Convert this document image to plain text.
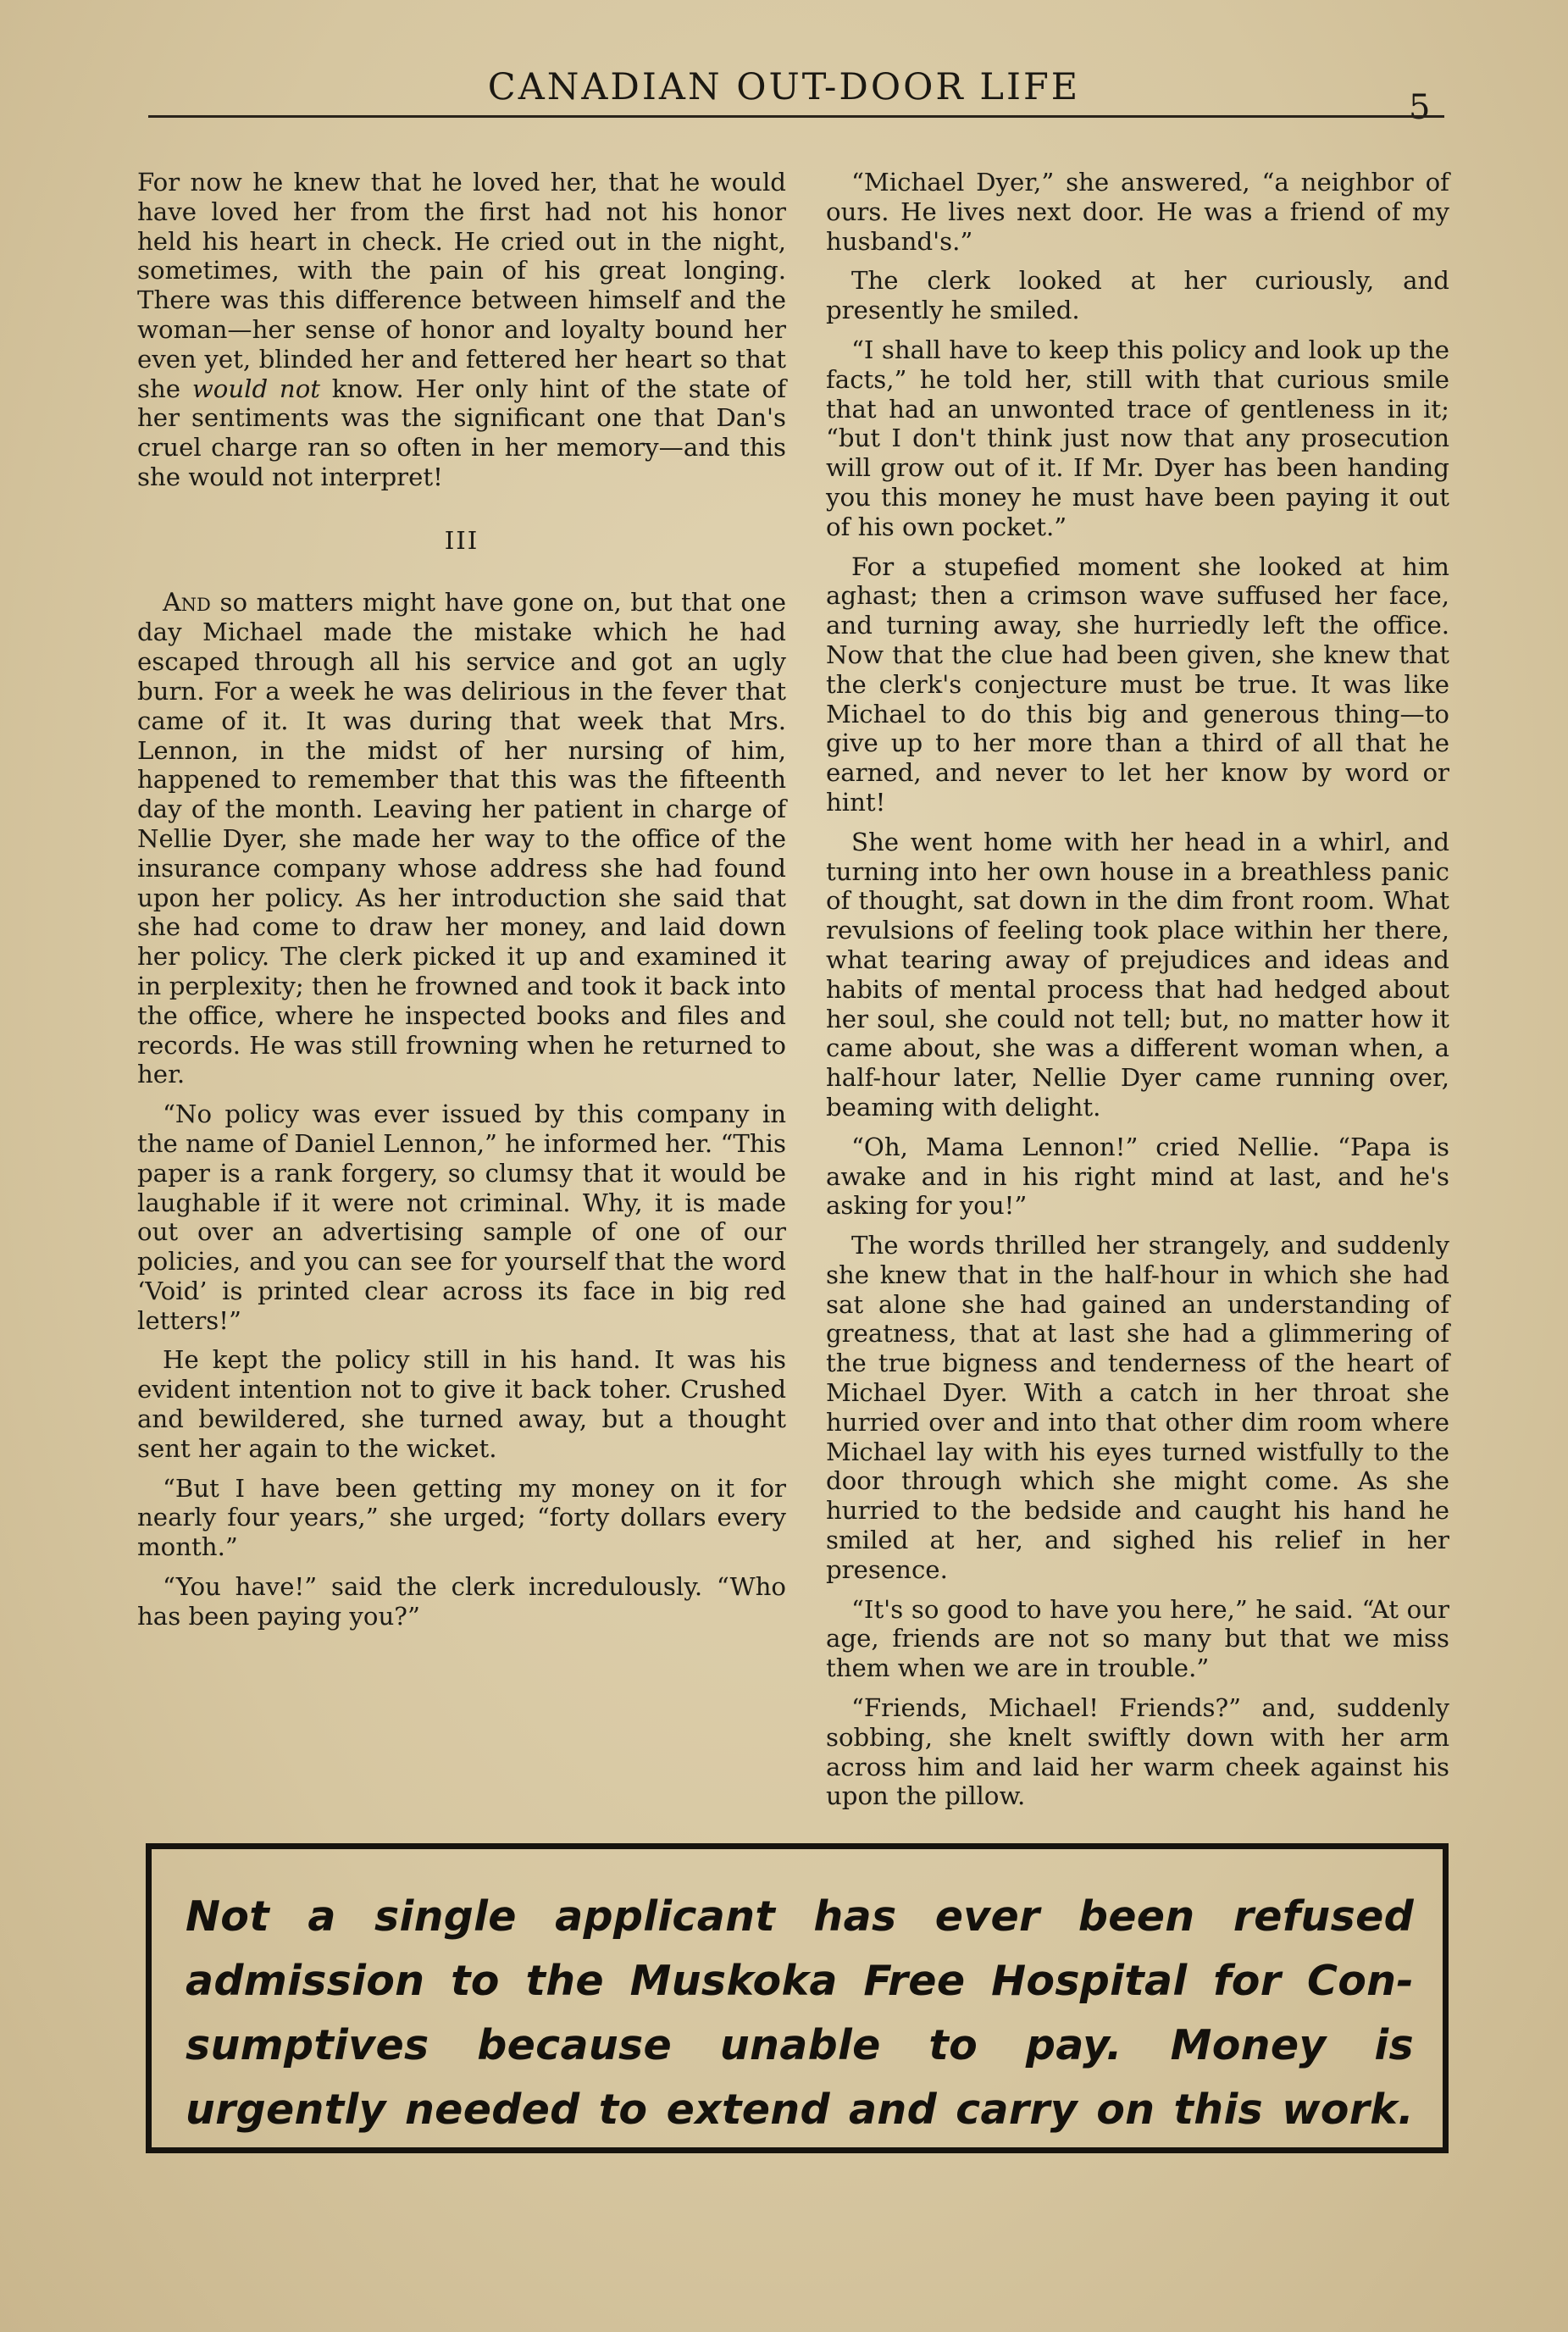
CANADIAN OUT-DOOR LIFE	5

For now he knew that he loved her, that he would have loved her from the first had not his honor held his heart in check. He cried out in the night, sometimes, with the pain of his great longing. There was this difference between himself and the woman—her sense of honor and loyalty bound her even yet, blinded her and fettered her heart so that she would not know. Her only hint of the state of her sentiments was the significant one that Dan's cruel charge ran so often in her memory—and this she would not interpret!

III

And so matters might have gone on, but that one day Michael made the mistake which he had escaped through all his service and got an ugly burn. For a week he was delirious in the fever that came of it. It was during that week that Mrs. Lennon, in the midst of her nursing of him, happened to remember that this was the fifteenth day of the month. Leaving her patient in charge of Nellie Dyer, she made her way to the office of the insurance company whose address she had found upon her policy. As her introduction she said that she had come to draw her money, and laid down her policy. The clerk picked it up and examined it in perplexity; then he frowned and took it back into the office, where he inspected books and files and records. He was still frowning when he returned to her.

“No policy was ever issued by this company in the name of Daniel Lennon,” he informed her. “This paper is a rank forgery, so clumsy that it would be laughable if it were not criminal. Why, it is made out over an advertising sample of one of our policies, and you can see for yourself that the word ‘Void’ is printed clear across its face in big red letters!”

He kept the policy still in his hand. It was his evident intention not to give it back toher. Crushed and bewildered, she turned away, but a thought sent her again to the wicket.

“But I have been getting my money on it for nearly four years,” she urged; “forty dollars every month.”

“You have!” said the clerk incredulously. “Who has been paying you?”

“Michael Dyer,” she answered, “a neighbor of ours. He lives next door. He was a friend of my husband's.”

The clerk looked at her curiously, and presently he smiled.

“I shall have to keep this policy and look up the facts,” he told her, still with that curious smile that had an unwonted trace of gentleness in it; “but I don't think just now that any prosecution will grow out of it. If Mr. Dyer has been handing you this money he must have been paying it out of his own pocket.”

For a stupefied moment she looked at him aghast; then a crimson wave suffused her face, and turning away, she hurriedly left the office. Now that the clue had been given, she knew that the clerk's conjecture must be true. It was like Michael to do this big and generous thing—to give up to her more than a third of all that he earned, and never to let her know by word or hint!

She went home with her head in a whirl, and turning into her own house in a breathless panic of thought, sat down in the dim front room. What revulsions of feeling took place within her there, what tearing away of prejudices and ideas and habits of mental process that had hedged about her soul, she could not tell; but, no matter how it came about, she was a different woman when, a half-hour later, Nellie Dyer came running over, beaming with delight.

“Oh, Mama Lennon!” cried Nellie. “Papa is awake and in his right mind at last, and he's asking for you!”

The words thrilled her strangely, and suddenly she knew that in the half-hour in which she had sat alone she had gained an understanding of greatness, that at last she had a glimmering of the true bigness and tenderness of the heart of Michael Dyer. With a catch in her throat she hurried over and into that other dim room where Michael lay with his eyes turned wistfully to the door through which she might come. As she hurried to the bedside and caught his hand he smiled at her, and sighed his relief in her presence.

“It's so good to have you here,” he said. “At our age, friends are not so many but that we miss them when we are in trouble.”

“Friends, Michael! Friends?” and, suddenly sobbing, she knelt swiftly down with her arm across him and laid her warm cheek against his upon the pillow.

Not a single applicant has ever been refused
admission to the Muskoka Free Hospital for Con-
sumptives because unable to pay. Money is
urgently needed to extend and carry on this work.
